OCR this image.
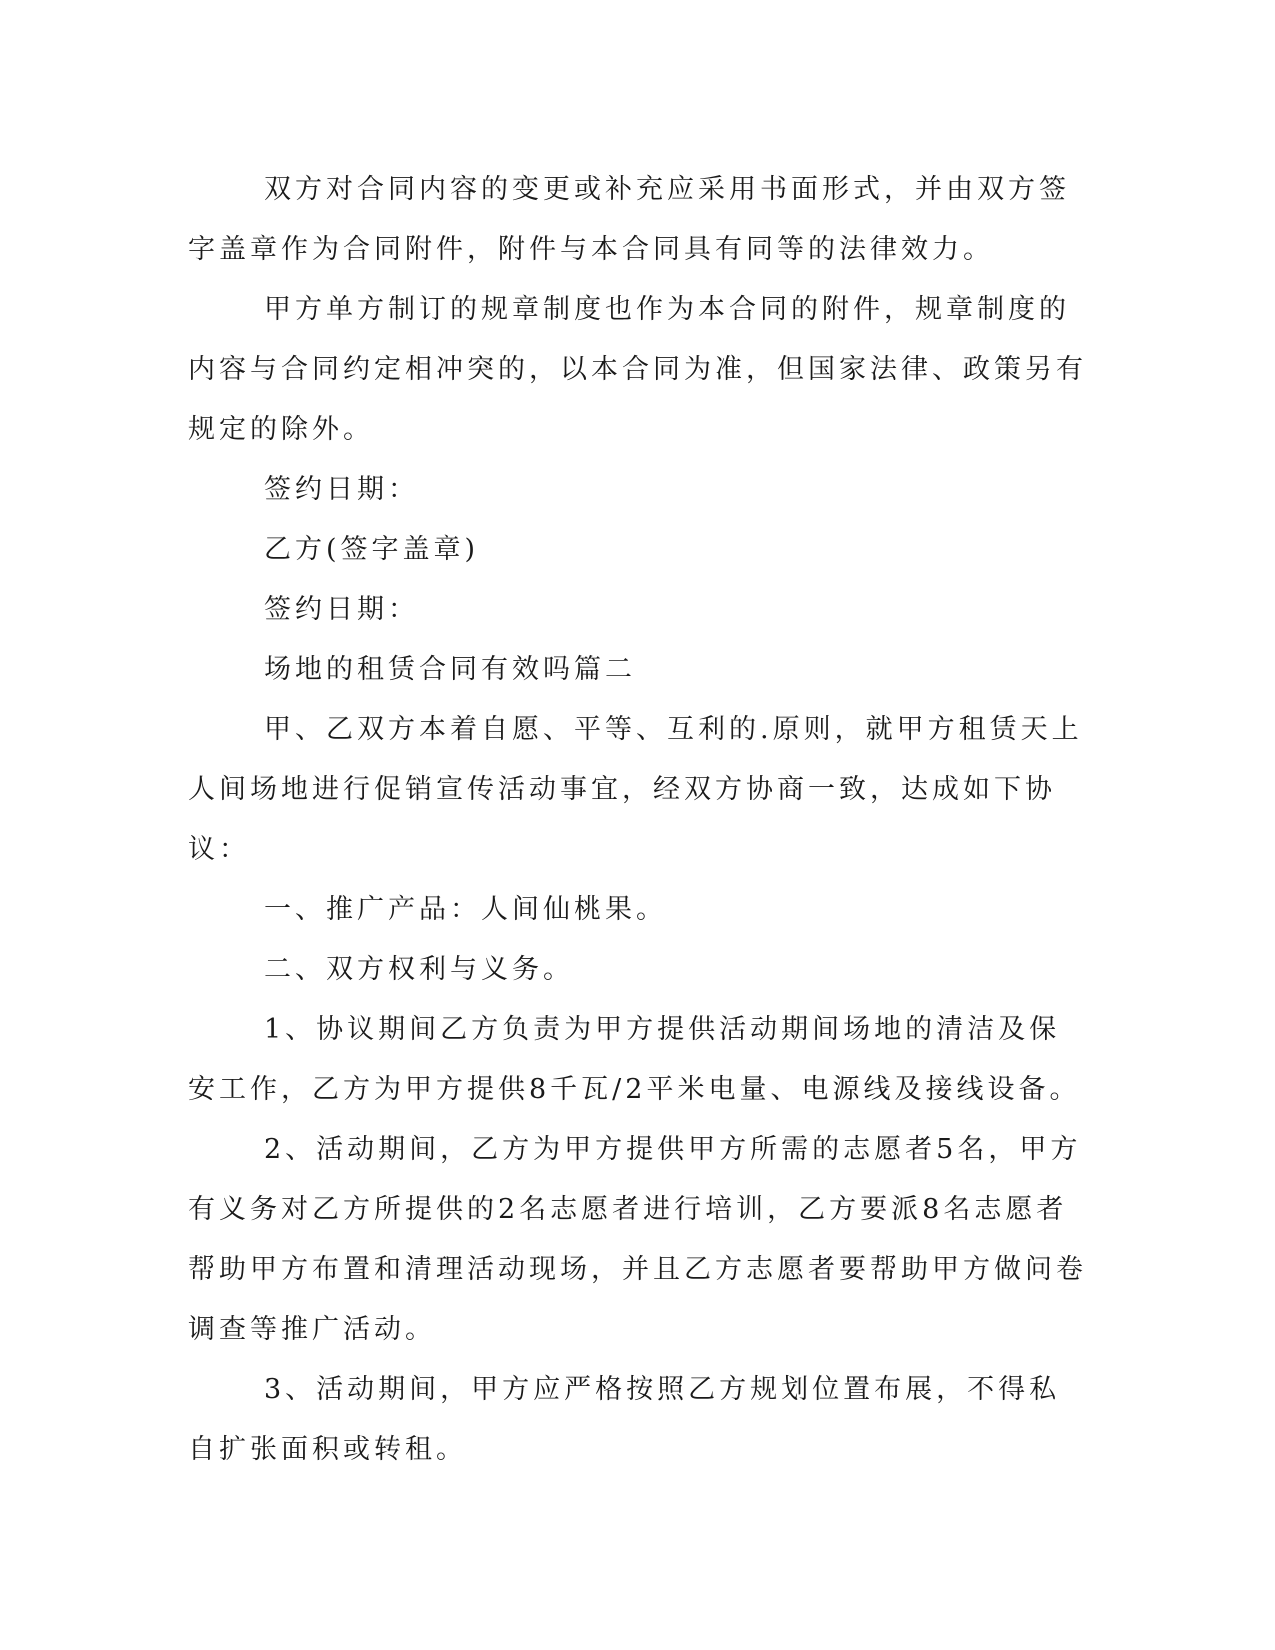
双方对合同内容的变更或补充应采用书面形式，并由双方签字盖章作为合同附件，附件与本合同具有同等的法律效力。

甲方单方制订的规章制度也作为本合同的附件，规章制度的内容与合同约定相冲突的，以本合同为准，但国家法律、政策另有规定的除外。

签约日期：

乙方(签字盖章)

签约日期：

场地的租赁合同有效吗篇二

甲、乙双方本着自愿、平等、互利的.原则，就甲方租赁天上人间场地进行促销宣传活动事宜，经双方协商一致，达成如下协议：

一、推广产品：人间仙桃果。

二、双方权利与义务。

1、协议期间乙方负责为甲方提供活动期间场地的清洁及保安工作，乙方为甲方提供8千瓦/2平米电量、电源线及接线设备。

2、活动期间，乙方为甲方提供甲方所需的志愿者5名，甲方有义务对乙方所提供的2名志愿者进行培训，乙方要派8名志愿者帮助甲方布置和清理活动现场，并且乙方志愿者要帮助甲方做问卷调查等推广活动。

3、活动期间，甲方应严格按照乙方规划位置布展，不得私自扩张面积或转租。
